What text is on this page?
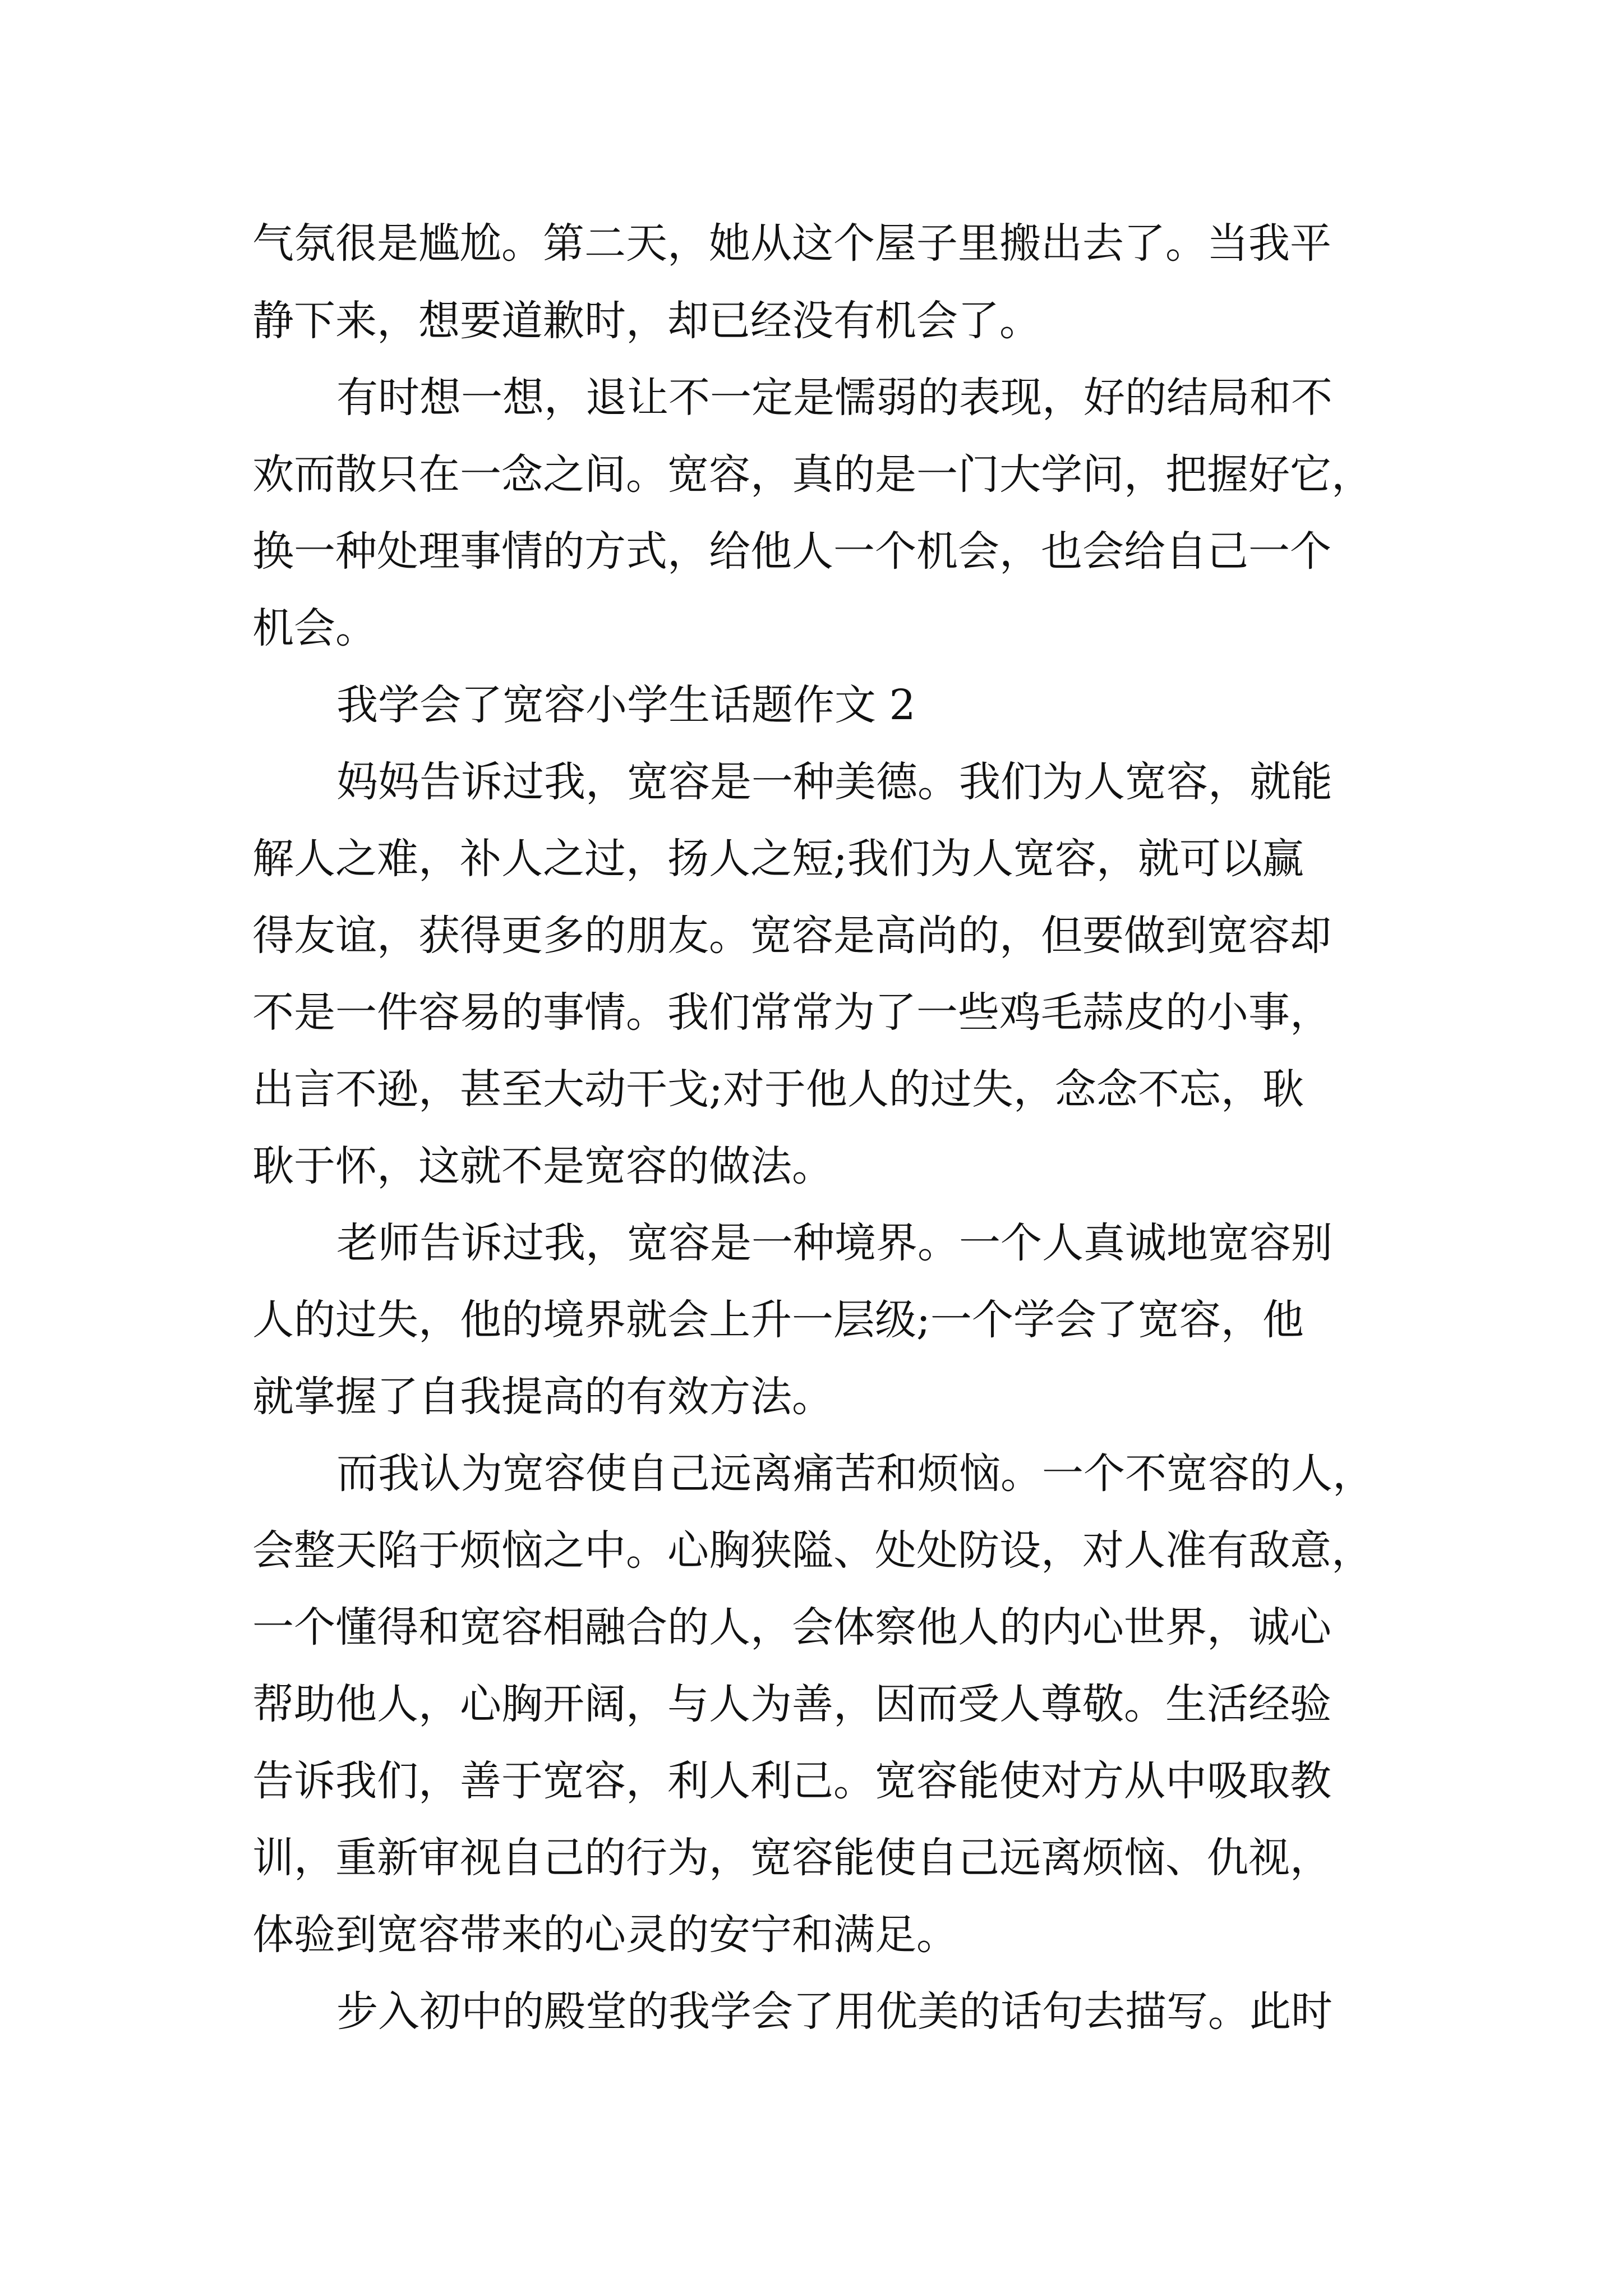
气氛很是尴尬。第二天，她从这个屋子里搬出去了。当我平
静下来，想要道歉时，却已经没有机会了。
有时想一想，退让不一定是懦弱的表现，好的结局和不
欢而散只在一念之间。宽容，真的是一门大学问，把握好它，
换一种处理事情的方式，给他人一个机会，也会给自己一个
机会。
我学会了宽容小学生话题作文 2
妈妈告诉过我，宽容是一种美德。我们为人宽容，就能
解人之难，补人之过，扬人之短;我们为人宽容，就可以赢
得友谊，获得更多的朋友。宽容是高尚的，但要做到宽容却
不是一件容易的事情。我们常常为了一些鸡毛蒜皮的小事，
出言不逊，甚至大动干戈;对于他人的过失，念念不忘，耿
耿于怀，这就不是宽容的做法。
老师告诉过我，宽容是一种境界。一个人真诚地宽容别
人的过失，他的境界就会上升一层级;一个学会了宽容，他
就掌握了自我提高的有效方法。
而我认为宽容使自己远离痛苦和烦恼。一个不宽容的人，
会整天陷于烦恼之中。心胸狭隘、处处防设，对人准有敌意，
一个懂得和宽容相融合的人，会体察他人的内心世界，诚心
帮助他人，心胸开阔，与人为善，因而受人尊敬。生活经验
告诉我们，善于宽容，利人利己。宽容能使对方从中吸取教
训，重新审视自己的行为，宽容能使自己远离烦恼、仇视，
体验到宽容带来的心灵的安宁和满足。
步入初中的殿堂的我学会了用优美的话句去描写。此时
